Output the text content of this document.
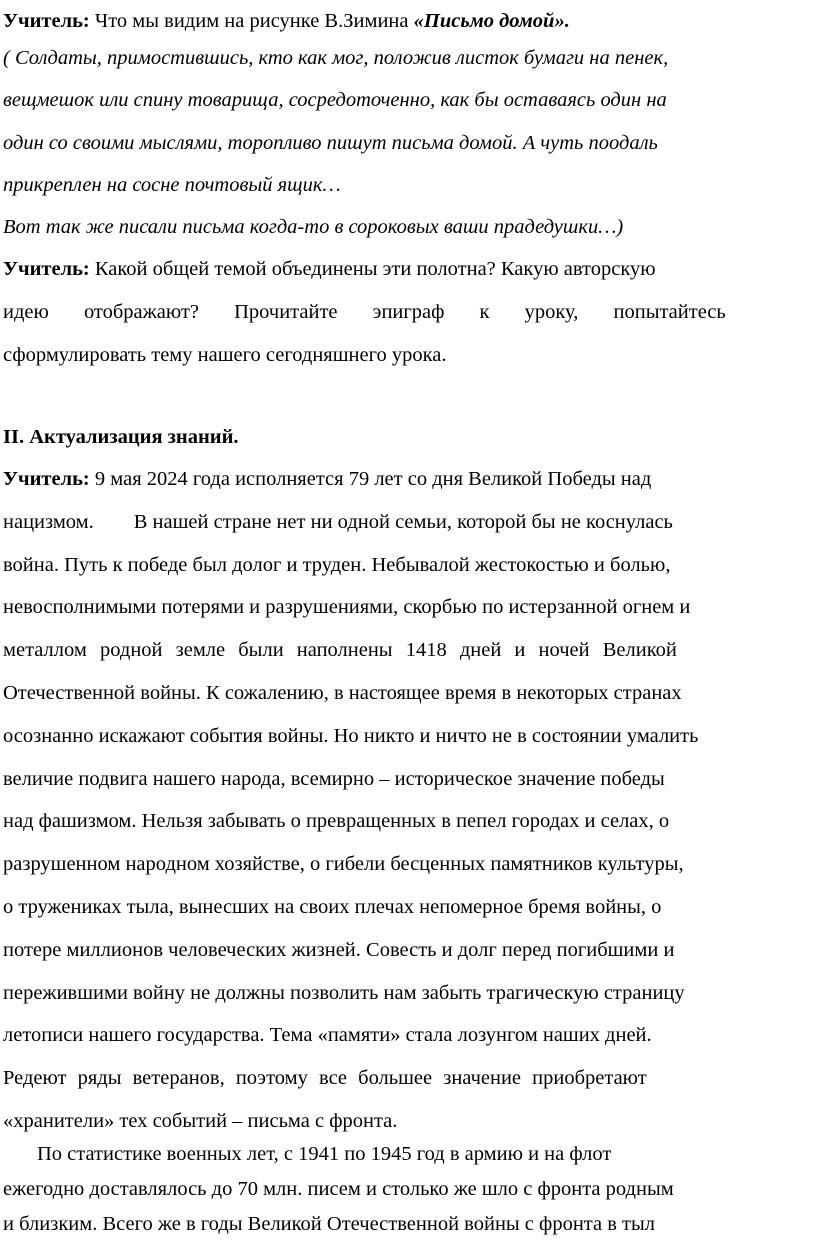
Учитель: Что мы видим на рисунке В.Зимина «Письмо домой».
( Солдаты, примостившись, кто как мог, положив листок бумаги на пенек,
вещмешок или спину товарища, сосредоточенно, как бы оставаясь один на
один со своими мыслями, торопливо пишут письма домой. А чуть поодаль
прикреплен на сосне почтовый ящик…
Вот так же писали письма когда-то в сороковых ваши прадедушки…)
Учитель: Какой общей темой объединены эти полотна? Какую авторскую
идею отображают? Прочитайте эпиграф к уроку, попытайтесь
сформулировать тему нашего сегодняшнего урока.
II. Актуализация знаний.
Учитель: 9 мая 2024 года исполняется 79 лет со дня Великой Победы над
нацизмом. В нашей стране нет ни одной семьи, которой бы не коснулась
война. Путь к победе был долог и труден. Небывалой жестокостью и болью,
невосполнимыми потерями и разрушениями, скорбью по истерзанной огнем и
металлом родной земле были наполнены 1418 дней и ночей Великой
Отечественной войны. К сожалению, в настоящее время в некоторых странах
осознанно искажают события войны. Но никто и ничто не в состоянии умалить
величие подвига нашего народа, всемирно – историческое значение победы
над фашизмом. Нельзя забывать о превращенных в пепел городах и селах, о
разрушенном народном хозяйстве, о гибели бесценных памятников культуры,
о тружениках тыла, вынесших на своих плечах непомерное бремя войны, о
потере миллионов человеческих жизней. Совесть и долг перед погибшими и
пережившими войну не должны позволить нам забыть трагическую страницу
летописи нашего государства. Тема «памяти» стала лозунгом наших дней.
Редеют ряды ветеранов, поэтому все большее значение приобретают
«хранители» тех событий – письма с фронта.
По статистике военных лет, с 1941 по 1945 год в армию и на флот
ежегодно доставлялось до 70 млн. писем и столько же шло с фронта родным
и близким. Всего же в годы Великой Отечественной войны с фронта в тыл
